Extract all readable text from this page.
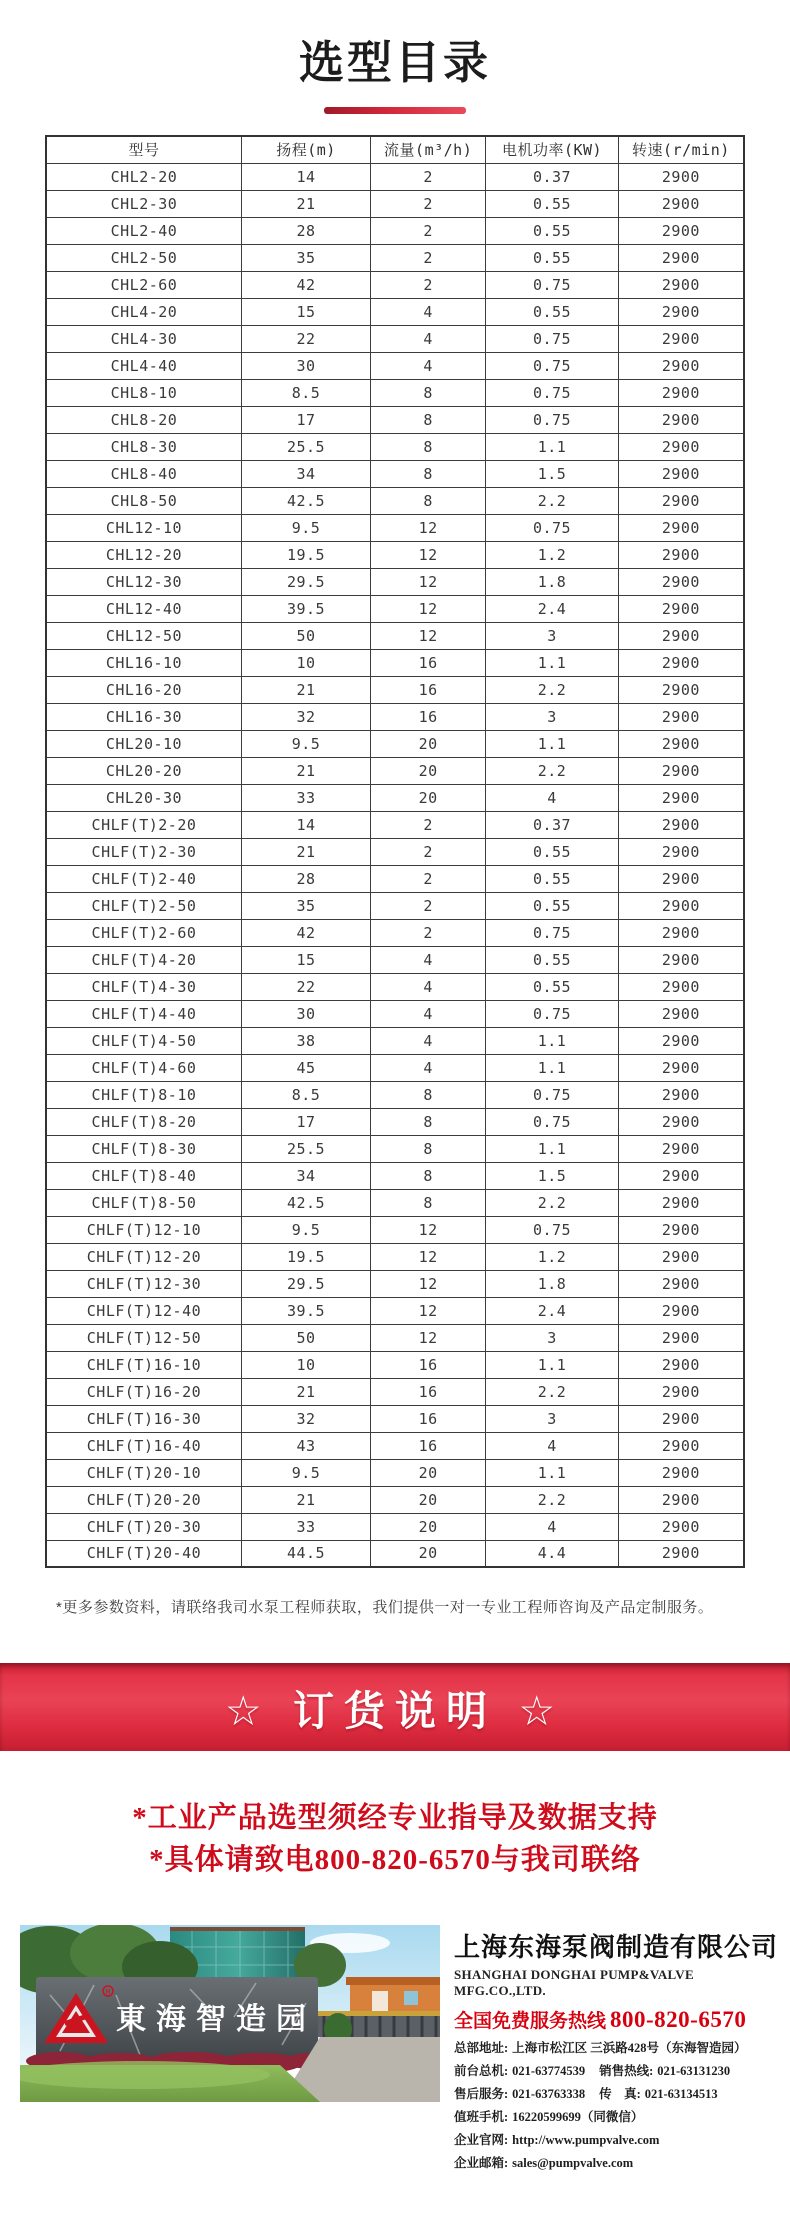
选型目录
型号	扬程(m)	流量(m³/h)	电机功率(KW)	转速(r/min)
CHL2-20	14	2	0.37	2900
CHL2-30	21	2	0.55	2900
CHL2-40	28	2	0.55	2900
CHL2-50	35	2	0.55	2900
CHL2-60	42	2	0.75	2900
CHL4-20	15	4	0.55	2900
CHL4-30	22	4	0.75	2900
CHL4-40	30	4	0.75	2900
CHL8-10	8.5	8	0.75	2900
CHL8-20	17	8	0.75	2900
CHL8-30	25.5	8	1.1	2900
CHL8-40	34	8	1.5	2900
CHL8-50	42.5	8	2.2	2900
CHL12-10	9.5	12	0.75	2900
CHL12-20	19.5	12	1.2	2900
CHL12-30	29.5	12	1.8	2900
CHL12-40	39.5	12	2.4	2900
CHL12-50	50	12	3	2900
CHL16-10	10	16	1.1	2900
CHL16-20	21	16	2.2	2900
CHL16-30	32	16	3	2900
CHL20-10	9.5	20	1.1	2900
CHL20-20	21	20	2.2	2900
CHL20-30	33	20	4	2900
CHLF(T)2-20	14	2	0.37	2900
CHLF(T)2-30	21	2	0.55	2900
CHLF(T)2-40	28	2	0.55	2900
CHLF(T)2-50	35	2	0.55	2900
CHLF(T)2-60	42	2	0.75	2900
CHLF(T)4-20	15	4	0.55	2900
CHLF(T)4-30	22	4	0.55	2900
CHLF(T)4-40	30	4	0.75	2900
CHLF(T)4-50	38	4	1.1	2900
CHLF(T)4-60	45	4	1.1	2900
CHLF(T)8-10	8.5	8	0.75	2900
CHLF(T)8-20	17	8	0.75	2900
CHLF(T)8-30	25.5	8	1.1	2900
CHLF(T)8-40	34	8	1.5	2900
CHLF(T)8-50	42.5	8	2.2	2900
CHLF(T)12-10	9.5	12	0.75	2900
CHLF(T)12-20	19.5	12	1.2	2900
CHLF(T)12-30	29.5	12	1.8	2900
CHLF(T)12-40	39.5	12	2.4	2900
CHLF(T)12-50	50	12	3	2900
CHLF(T)16-10	10	16	1.1	2900
CHLF(T)16-20	21	16	2.2	2900
CHLF(T)16-30	32	16	3	2900
CHLF(T)16-40	43	16	4	2900
CHLF(T)20-10	9.5	20	1.1	2900
CHLF(T)20-20	21	20	2.2	2900
CHLF(T)20-30	33	20	4	2900
CHLF(T)20-40	44.5	20	4.4	2900
*更多参数资料，请联络我司水泵工程师获取，我们提供一对一专业工程师咨询及产品定制服务。
☆ 订货说明 ☆
*工业产品选型须经专业指导及数据支持
*具体请致电800-820-6570与我司联络
R
東海智造园
上海东海泵阀制造有限公司
SHANGHAI DONGHAI PUMP&VALVE MFG.CO.,LTD.
全国免费服务热线 800-820-6570
总部地址: 上海市松江区 三浜路428号（东海智造园）
前台总机: 021-63774539 销售热线: 021-63131230
售后服务: 021-63763338 传　真: 021-63134513
值班手机: 16220599699（同微信）
企业官网: http://www.pumpvalve.com
企业邮箱: sales@pumpvalve.com
